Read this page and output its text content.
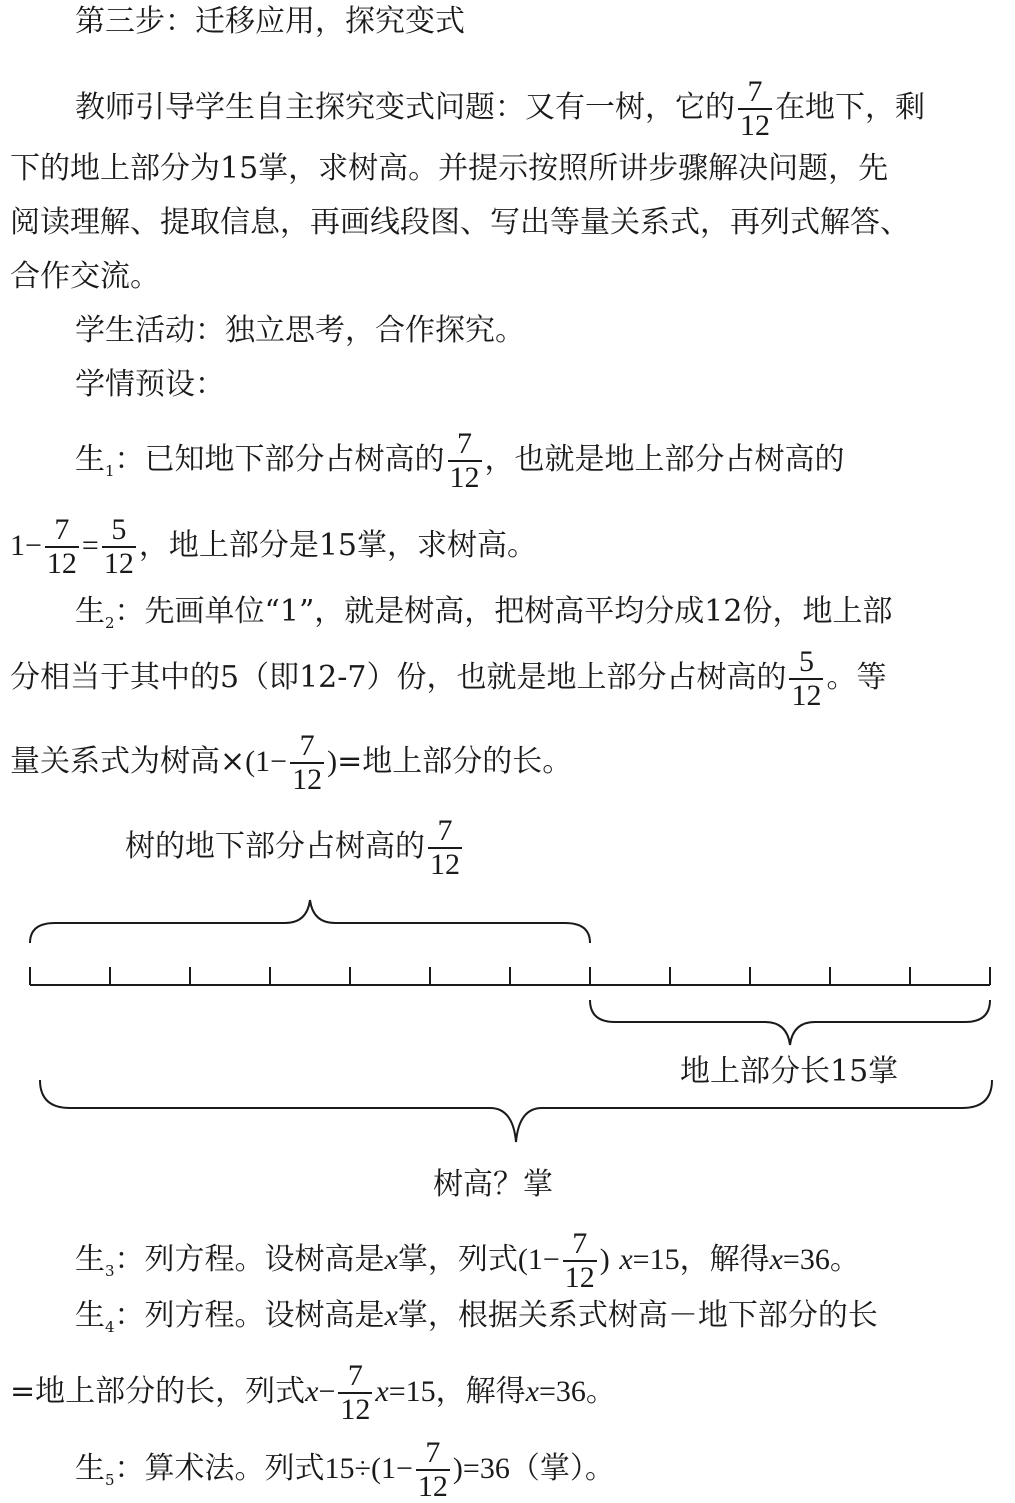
第三步：迁移应用，探究变式
教师引导学生自主探究变式问题：又有一树，它的 $\frac{7}{12}$ 在地下，剩
下的地上部分为15掌，求树高。并提示按照所讲步骤解决问题，先
阅读理解、提取信息，再画线段图、写出等量关系式，再列式解答、
合作交流。
学生活动：独立思考，合作探究。
学情预设：
生$_1$：已知地下部分占树高的 $\frac{7}{12}$ ，也就是地上部分占树高的
$1- \frac{7}{12} = \frac{5}{12}$ ，地上部分是15掌，求树高。
生$_2$：先画单位“1”，就是树高，把树高平均分成12份，地上部
分相当于其中的5（即12-7）份，也就是地上部分占树高的 $\frac{5}{12}$ 。等
量关系式为树高$\times(1- \frac{7}{12}$ )=地上部分的长。
树的地下部分占树高的 $\frac{7}{12}$
地上部分长15掌
树高？掌
生$_3$：列方程。设树高是x掌，列式($1- \frac{7}{12}$ ) x=15，解得x=36。
生$_4$：列方程。设树高是x掌，根据关系式树高－地下部分的长
=地上部分的长，列式$x- \frac{7}{12} x=15$，解得x=36。
生$_5$：算术法。列式$15\div(1- \frac{7}{12} )=36$（掌）。
